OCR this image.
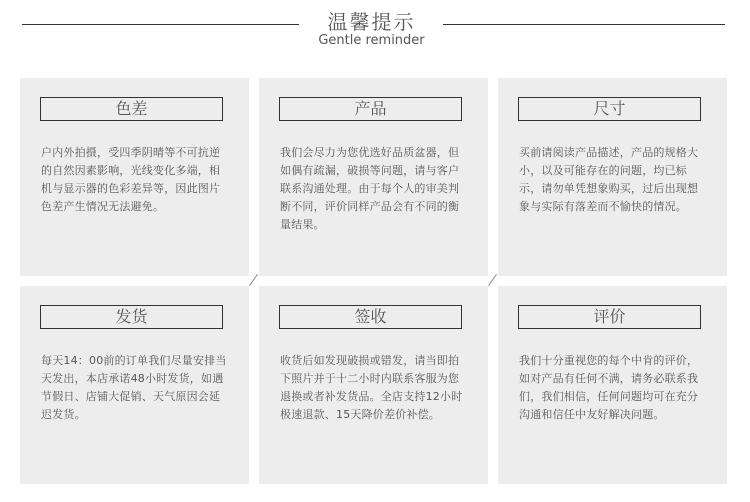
温馨提示
Gentle reminder
色差
户内外拍摄，受四季阴晴等不可抗逆的自然因素影响，光线变化多端，相机与显示器的色彩差异等，因此图片色差产生情况无法避免。
产品
我们会尽力为您优选好品质盆器，但如偶有疏漏，破损等问题，请与客户联系沟通处理。由于每个人的审美判断不同，评价同样产品会有不同的衡量结果。
尺寸
买前请阅读产品描述，产品的规格大小，以及可能存在的问题，均已标示，请勿单凭想象购买，过后出现想象与实际有落差而不愉快的情况。
发货
每天14：00前的订单我们尽量安排当天发出，本店承诺48小时发货，如遇节假日、店铺大促销、天气原因会延迟发货。
签收
收货后如发现破损或错发，请当即拍下照片并于十二小时内联系客服为您退换或者补发货品。全店支持12小时极速退款、15天降价差价补偿。
评价
我们十分重视您的每个中肯的评价，如对产品有任何不满，请务必联系我们，我们相信，任何问题均可在充分沟通和信任中友好解决问题。
